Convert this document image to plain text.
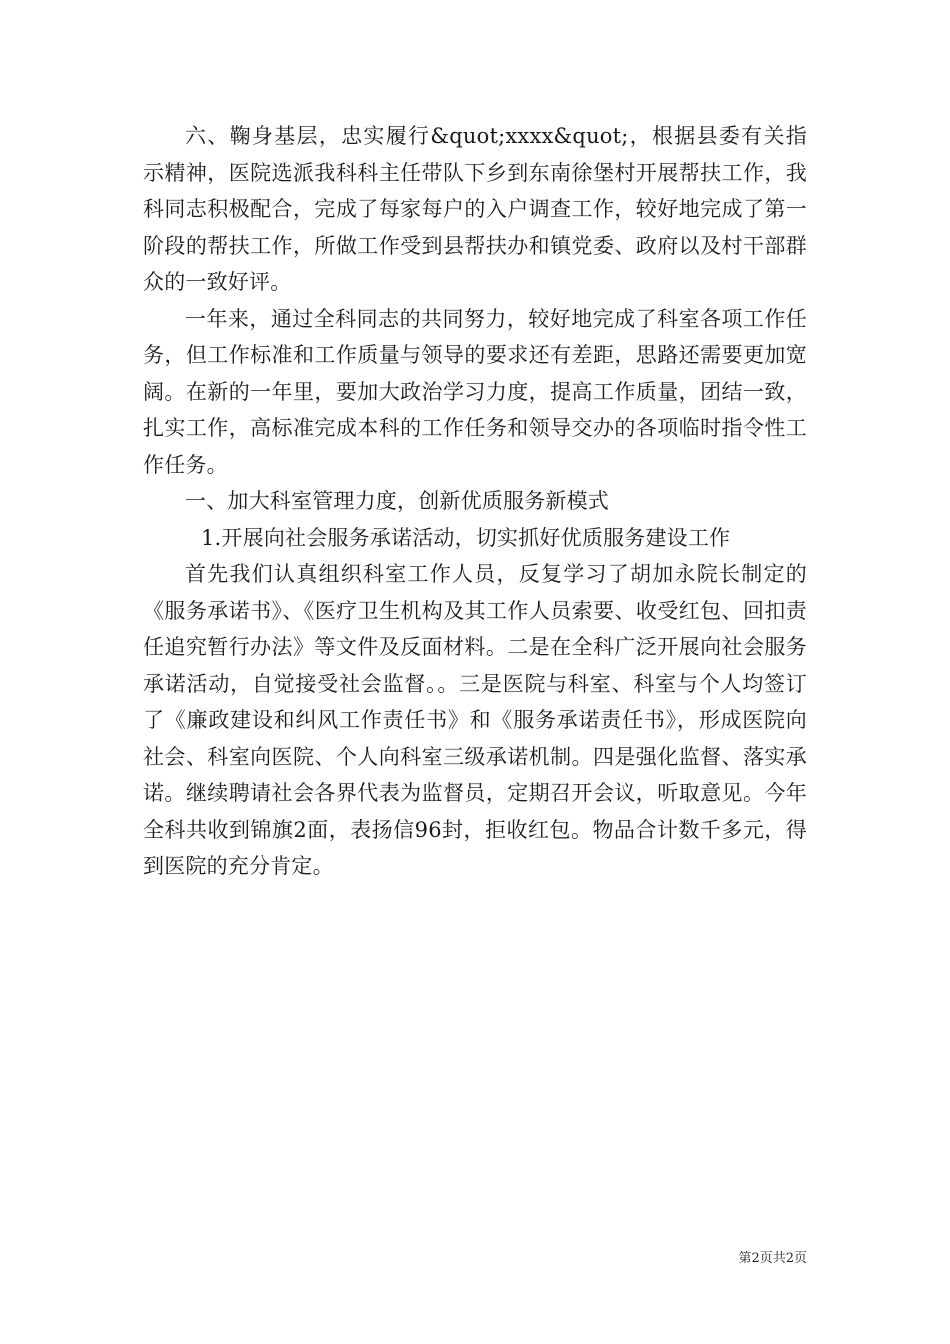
六、鞠身基层，忠实履行&quot;xxxx&quot;，根据县委有关指示精神，医院选派我科科主任带队下乡到东南徐堡村开展帮扶工作，我科同志积极配合，完成了每家每户的入户调查工作，较好地完成了第一阶段的帮扶工作，所做工作受到县帮扶办和镇党委、政府以及村干部群众的一致好评。

一年来，通过全科同志的共同努力，较好地完成了科室各项工作任务，但工作标准和工作质量与领导的要求还有差距，思路还需要更加宽阔。在新的一年里，要加大政治学习力度，提高工作质量，团结一致，扎实工作，高标准完成本科的工作任务和领导交办的各项临时指令性工作任务。

一、加大科室管理力度，创新优质服务新模式

1.开展向社会服务承诺活动，切实抓好优质服务建设工作

首先我们认真组织科室工作人员，反复学习了胡加永院长制定的《服务承诺书》、《医疗卫生机构及其工作人员索要、收受红包、回扣责任追究暂行办法》等文件及反面材料。二是在全科广泛开展向社会服务承诺活动，自觉接受社会监督。。三是医院与科室、科室与个人均签订了《廉政建设和纠风工作责任书》和《服务承诺责任书》，形成医院向社会、科室向医院、个人向科室三级承诺机制。四是强化监督、落实承诺。继续聘请社会各界代表为监督员，定期召开会议，听取意见。今年全科共收到锦旗2面，表扬信96封，拒收红包。物品合计数千多元，得到医院的充分肯定。

第2页共2页
